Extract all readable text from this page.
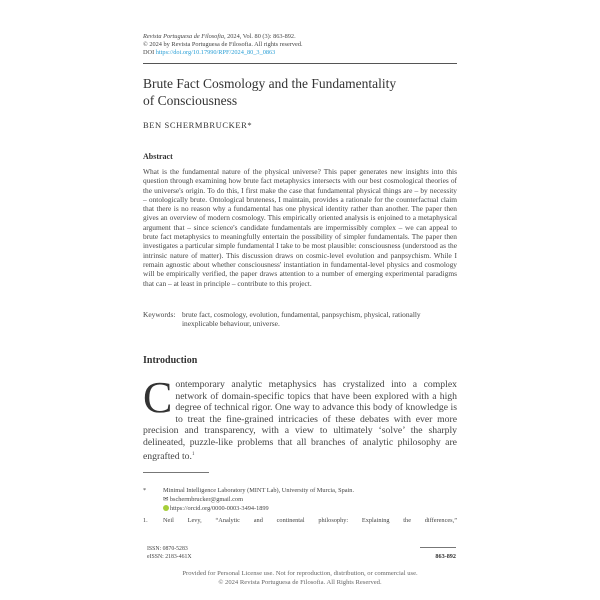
Revista Portuguesa de Filosofia, 2024, Vol. 80 (3): 863-892.
© 2024 by Revista Portuguesa de Filosofia. All rights reserved.
DOI https://doi.org/10.17990/RPF/2024_80_3_0863
Brute Fact Cosmology and the Fundamentality of Consciousness
BEN SCHERMBRUCKER*
Abstract
What is the fundamental nature of the physical universe? This paper generates new insights into this question through examining how brute fact metaphysics intersects with our best cosmological theories of the universe's origin. To do this, I first make the case that fundamental physical things are – by necessity – ontologically brute. Ontological bruteness, I maintain, provides a rationale for the counterfactual claim that there is no reason why a fundamental has one physical identity rather than another. The paper then gives an overview of modern cosmology. This empirically oriented analysis is enjoined to a metaphysical argument that – since science's candidate fundamentals are impermissibly complex – we can appeal to brute fact metaphysics to meaningfully entertain the possibility of simpler fundamentals. The paper then investigates a particular simple fundamental I take to be most plausible: consciousness (understood as the intrinsic nature of matter). This discussion draws on cosmic-level evolution and panpsychism. While I remain agnostic about whether consciousness' instantiation in fundamental-level physics and cosmology will be empirically verified, the paper draws attention to a number of emerging experimental paradigms that can – at least in principle – contribute to this project.
Keywords: brute fact, cosmology, evolution, fundamental, panpsychism, physical, rationally inexplicable behaviour, universe.
Introduction
Contemporary analytic metaphysics has crystalized into a complex network of domain-specific topics that have been explored with a high degree of technical rigor. One way to advance this body of knowledge is to treat the fine-grained intricacies of these debates with ever more precision and transparency, with a view to ultimately ‘solve’ the sharply delineated, puzzle-like problems that all branches of analytic philosophy are engrafted to.$^1$
*	Minimal Intelligence Laboratory (MINT Lab), University of Murcia, Spain.
✉ bschermbrucker@gmail.com
https://orcid.org/0000-0003-3494-1899
1. Neil Levy, “Analytic and continental philosophy: Explaining the differences,”
ISSN: 0870-5283
eISSN: 2183-461X	863-892
Provided for Personal License use. Not for reproduction, distribution, or commercial use.
© 2024 Revista Portuguesa de Filosofia. All Rights Reserved.
